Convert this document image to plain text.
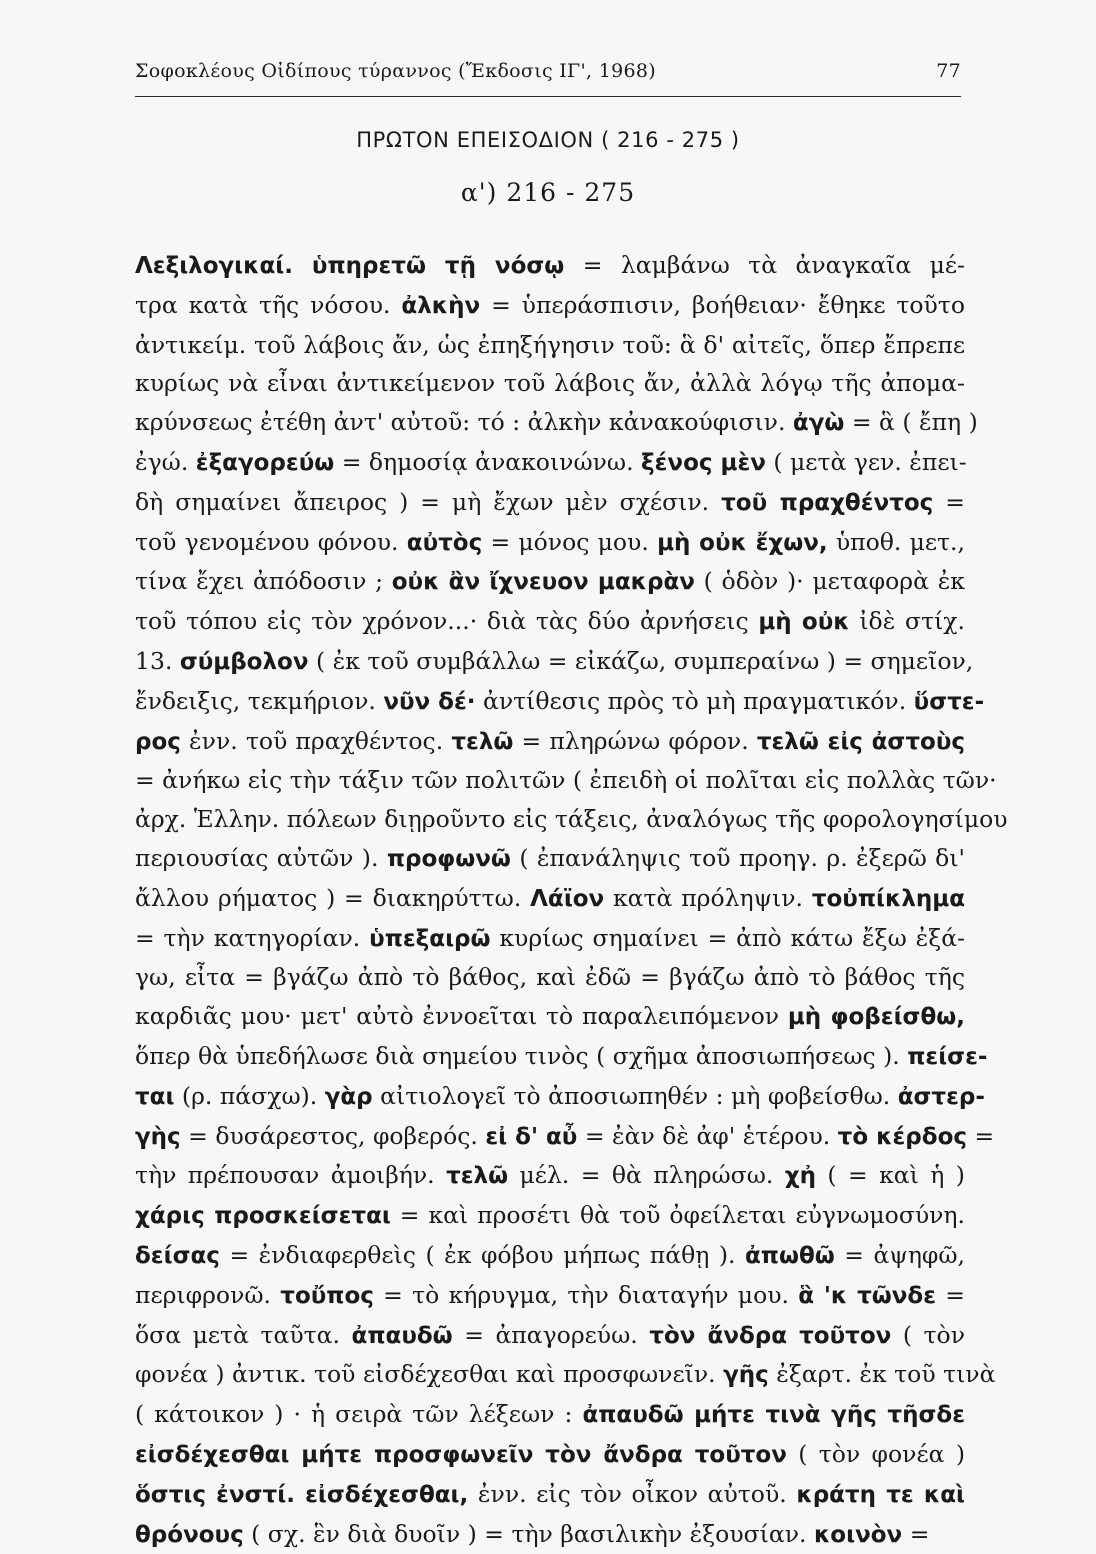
Σοφοκλέους Οἰδίπους τύραννος (Ἔκδοσις ΙΓ', 1968)	77
ΠΡΩΤΟΝ ΕΠΕΙΣΟΔΙΟΝ ( 216 - 275 )
α') 216 - 275
Λεξιλογικαί. ὑπηρετῶ τῇ νόσῳ = λαμβάνω τὰ ἀναγκαῖα μέ-
τρα κατὰ τῆς νόσου. ἀλκὴν = ὑπεράσπισιν, βοήθειαν· ἔθηκε τοῦτο
ἀντικείμ. τοῦ λάβοις ἄν, ὡς ἐπηξήγησιν τοῦ: ἃ δ' αἰτεῖς, ὅπερ ἔπρεπε
κυρίως νὰ εἶναι ἀντικείμενον τοῦ λάβοις ἄν, ἀλλὰ λόγῳ τῆς ἀπομα-
κρύνσεως ἐτέθη ἀντ' αὐτοῦ: τό : ἀλκὴν κἀνακούφισιν. ἀγὼ = ἃ ( ἔπη )
ἐγώ. ἐξαγορεύω = δημοσίᾳ ἀνακοινώνω. ξένος μὲν ( μετὰ γεν. ἐπει-
δὴ σημαίνει ἄπειρος ) = μὴ ἔχων μὲν σχέσιν. τοῦ πραχθέντος =
τοῦ γενομένου φόνου. αὐτὸς = μόνος μου. μὴ οὐκ ἔχων, ὑποθ. μετ.,
τίνα ἔχει ἀπόδοσιν ; οὐκ ἂν ἴχνευον μακρὰν ( ὁδὸν )· μεταφορὰ ἐκ
τοῦ τόπου εἰς τὸν χρόνον...· διὰ τὰς δύο ἀρνήσεις μὴ οὐκ ἰδὲ στίχ.
13. σύμβολον ( ἐκ τοῦ συμβάλλω = εἰκάζω, συμπεραίνω ) = σημεῖον,
ἔνδειξις, τεκμήριον. νῦν δέ· ἀντίθεσις πρὸς τὸ μὴ πραγματικόν. ὕστε-
ρος ἐνν. τοῦ πραχθέντος. τελῶ = πληρώνω φόρον. τελῶ εἰς ἀστοὺς
= ἀνήκω εἰς τὴν τάξιν τῶν πολιτῶν ( ἐπειδὴ οἱ πολῖται εἰς πολλὰς τῶν·
ἀρχ. Ἑλλην. πόλεων διῃροῦντο εἰς τάξεις, ἀναλόγως τῆς φορολογησίμου
περιουσίας αὐτῶν ). προφωνῶ ( ἐπανάληψις τοῦ προηγ. ρ. ἐξερῶ δι'
ἄλλου ρήματος ) = διακηρύττω. Λάϊον κατὰ πρόληψιν. τοὐπίκλημα
= τὴν κατηγορίαν. ὑπεξαιρῶ κυρίως σημαίνει = ἀπὸ κάτω ἔξω ἐξά-
γω, εἶτα = βγάζω ἀπὸ τὸ βάθος, καὶ ἐδῶ = βγάζω ἀπὸ τὸ βάθος τῆς
καρδιᾶς μου· μετ' αὐτὸ ἐννοεῖται τὸ παραλειπόμενον μὴ φοβείσθω,
ὅπερ θὰ ὑπεδήλωσε διὰ σημείου τινὸς ( σχῆμα ἀποσιωπήσεως ). πείσε-
ται (ρ. πάσχω). γὰρ αἰτιολογεῖ τὸ ἀποσιωπηθέν : μὴ φοβείσθω. ἀστερ-
γὴς = δυσάρεστος, φοβερός. εἰ δ' αὖ = ἐὰν δὲ ἀφ' ἑτέρου. τὸ κέρδος =
τὴν πρέπουσαν ἀμοιβήν. τελῶ μέλ. = θὰ πληρώσω. χἠ ( = καὶ ἡ )
χάρις προσκείσεται = καὶ προσέτι θὰ τοῦ ὀφείλεται εὐγνωμοσύνη.
δείσας = ἐνδιαφερθεὶς ( ἐκ φόβου μήπως πάθῃ ). ἀπωθῶ = ἀψηφῶ,
περιφρονῶ. τοὔπος = τὸ κήρυγμα, τὴν διαταγήν μου. ἃ 'κ τῶνδε =
ὅσα μετὰ ταῦτα. ἀπαυδῶ = ἀπαγορεύω. τὸν ἄνδρα τοῦτον ( τὸν
φονέα ) ἀντικ. τοῦ εἰσδέχεσθαι καὶ προσφωνεῖν. γῆς ἐξαρτ. ἐκ τοῦ τινὰ
( κάτοικον ) · ἡ σειρὰ τῶν λέξεων : ἀπαυδῶ μήτε τινὰ γῆς τῆσδε
εἰσδέχεσθαι μήτε προσφωνεῖν τὸν ἄνδρα τοῦτον ( τὸν φονέα )
ὅστις ἐνστί. εἰσδέχεσθαι, ἐνν. εἰς τὸν οἶκον αὐτοῦ. κράτη τε καὶ
θρόνους ( σχ. ἓν διὰ δυοῖν ) = τὴν βασιλικὴν ἐξουσίαν. κοινὸν =
